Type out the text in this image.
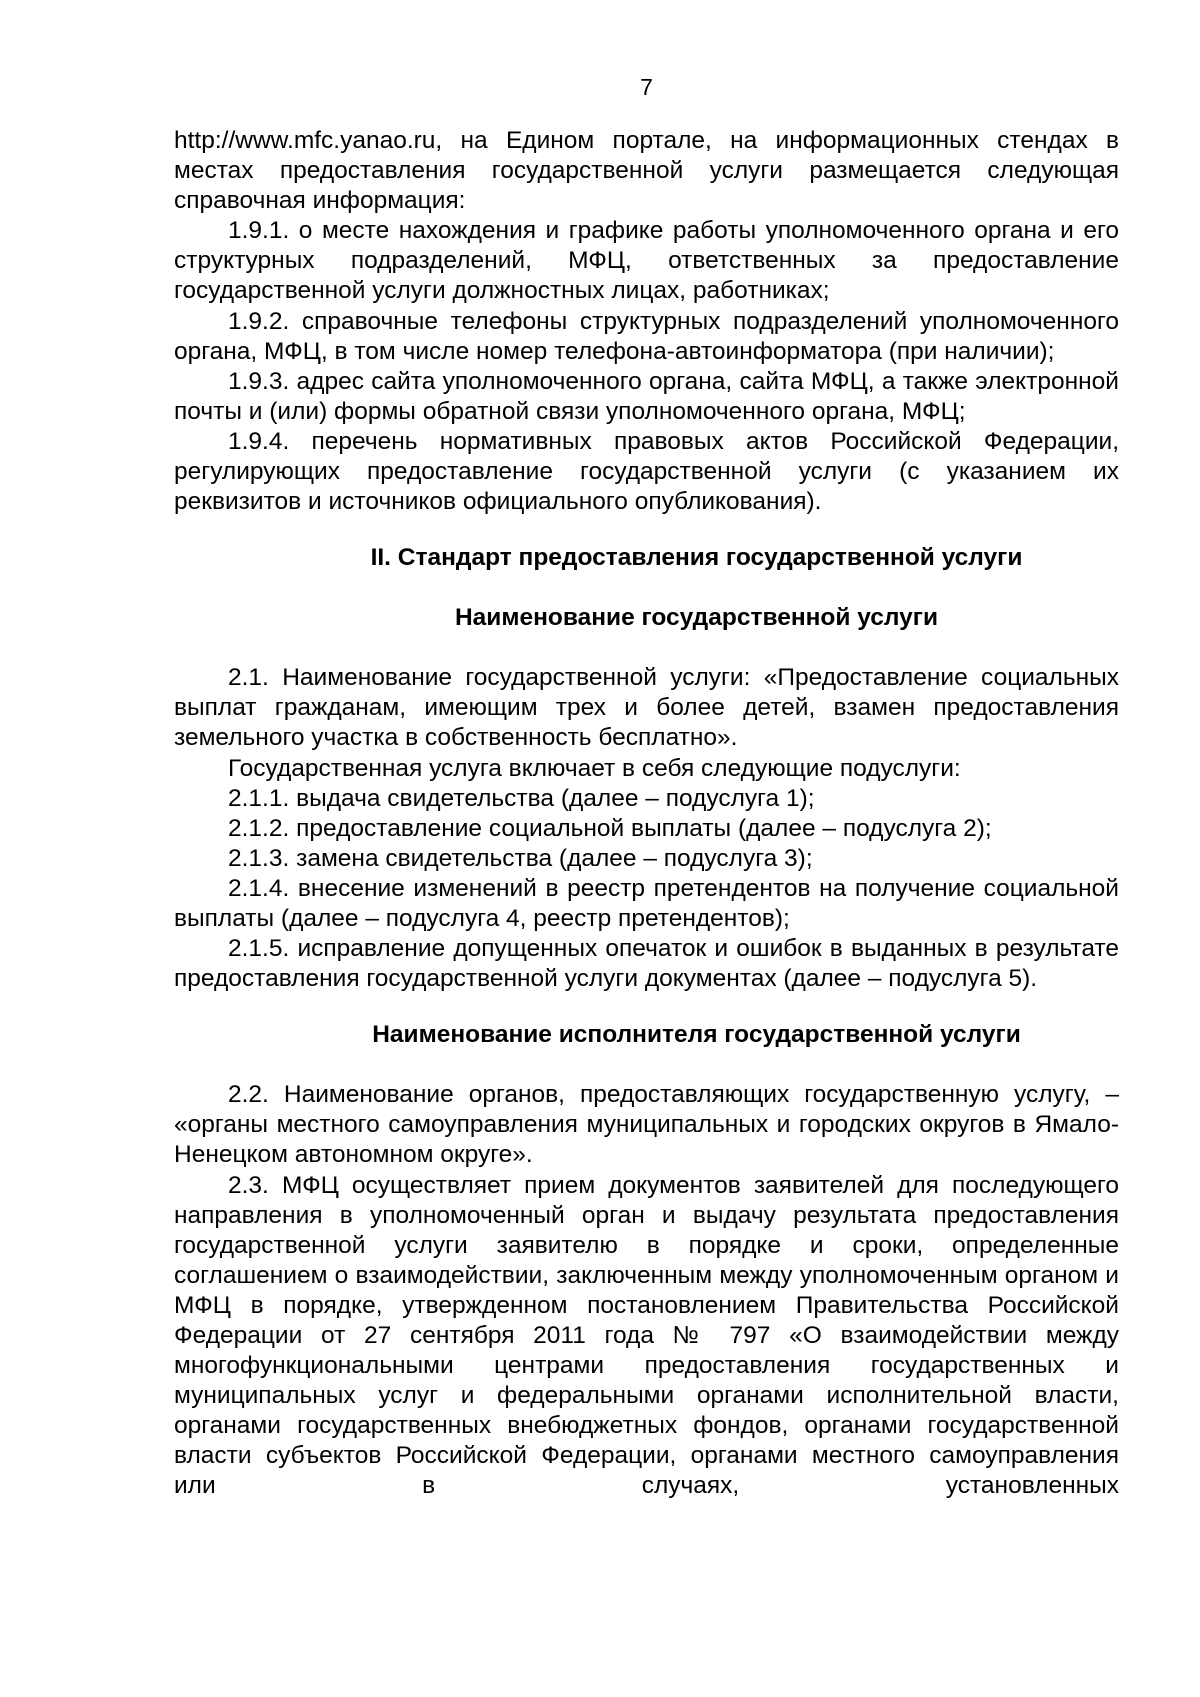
7

http://www.mfc.yanao.ru, на Едином портале, на информационных стендах в местах предоставления государственной услуги размещается следующая справочная информация:

1.9.1. о месте нахождения и графике работы уполномоченного органа и его структурных подразделений, МФЦ, ответственных за предоставление государственной услуги должностных лицах, работниках;

1.9.2. справочные телефоны структурных подразделений уполномоченного органа, МФЦ, в том числе номер телефона-автоинформатора (при наличии);

1.9.3. адрес сайта уполномоченного органа, сайта МФЦ, а также электронной почты и (или) формы обратной связи уполномоченного органа, МФЦ;

1.9.4. перечень нормативных правовых актов Российской Федерации, регулирующих предоставление государственной услуги (с указанием их реквизитов и источников официального опубликования).

II. Стандарт предоставления государственной услуги
Наименование государственной услуги

2.1. Наименование государственной услуги: «Предоставление социальных выплат гражданам, имеющим трех и более детей, взамен предоставления земельного участка в собственность бесплатно».

Государственная услуга включает в себя следующие подуслуги:

2.1.1. выдача свидетельства (далее – подуслуга 1);

2.1.2. предоставление социальной выплаты (далее – подуслуга 2);

2.1.3. замена свидетельства (далее – подуслуга 3);

2.1.4. внесение изменений в реестр претендентов на получение социальной выплаты (далее – подуслуга 4, реестр претендентов);

2.1.5. исправление допущенных опечаток и ошибок в выданных в результате предоставления государственной услуги документах (далее – подуслуга 5).

Наименование исполнителя государственной услуги

2.2. Наименование органов, предоставляющих государственную услугу, – «органы местного самоуправления муниципальных и городских округов в Ямало-Ненецком автономном округе».

2.3. МФЦ осуществляет прием документов заявителей для последующего направления в уполномоченный орган и выдачу результата предоставления государственной услуги заявителю в порядке и сроки, определенные соглашением о взаимодействии, заключенным между уполномоченным органом и МФЦ в порядке, утвержденном постановлением Правительства Российской Федерации от 27 сентября 2011 года № 797 «О взаимодействии между многофункциональными центрами предоставления государственных и муниципальных услуг и федеральными органами исполнительной власти, органами государственных внебюджетных фондов, органами государственной власти субъектов Российской Федерации, органами местного самоуправления или в случаях, установленных
